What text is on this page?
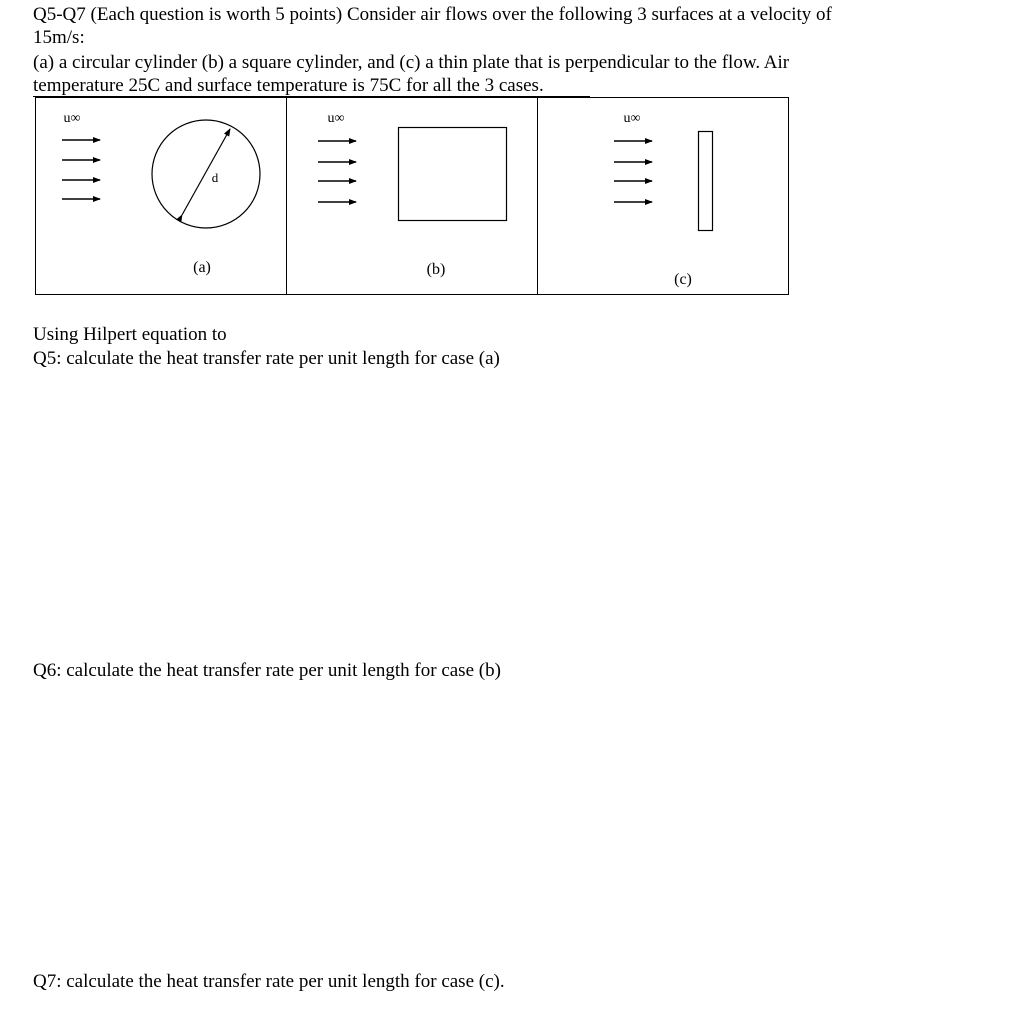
Q5-Q7 (Each question is worth 5 points) Consider air flows over the following 3 surfaces at a velocity of
15m/s:
(a) a circular cylinder (b) a square cylinder, and (c) a thin plate that is perpendicular to the flow. Air
temperature 25C and surface temperature is 75C for all the 3 cases.
u∞
d
(a)
u∞
(b)
u∞
(c)
Using Hilpert equation to
Q5: calculate the heat transfer rate per unit length for case (a)
Q6: calculate the heat transfer rate per unit length for case (b)
Q7: calculate the heat transfer rate per unit length for case (c).
